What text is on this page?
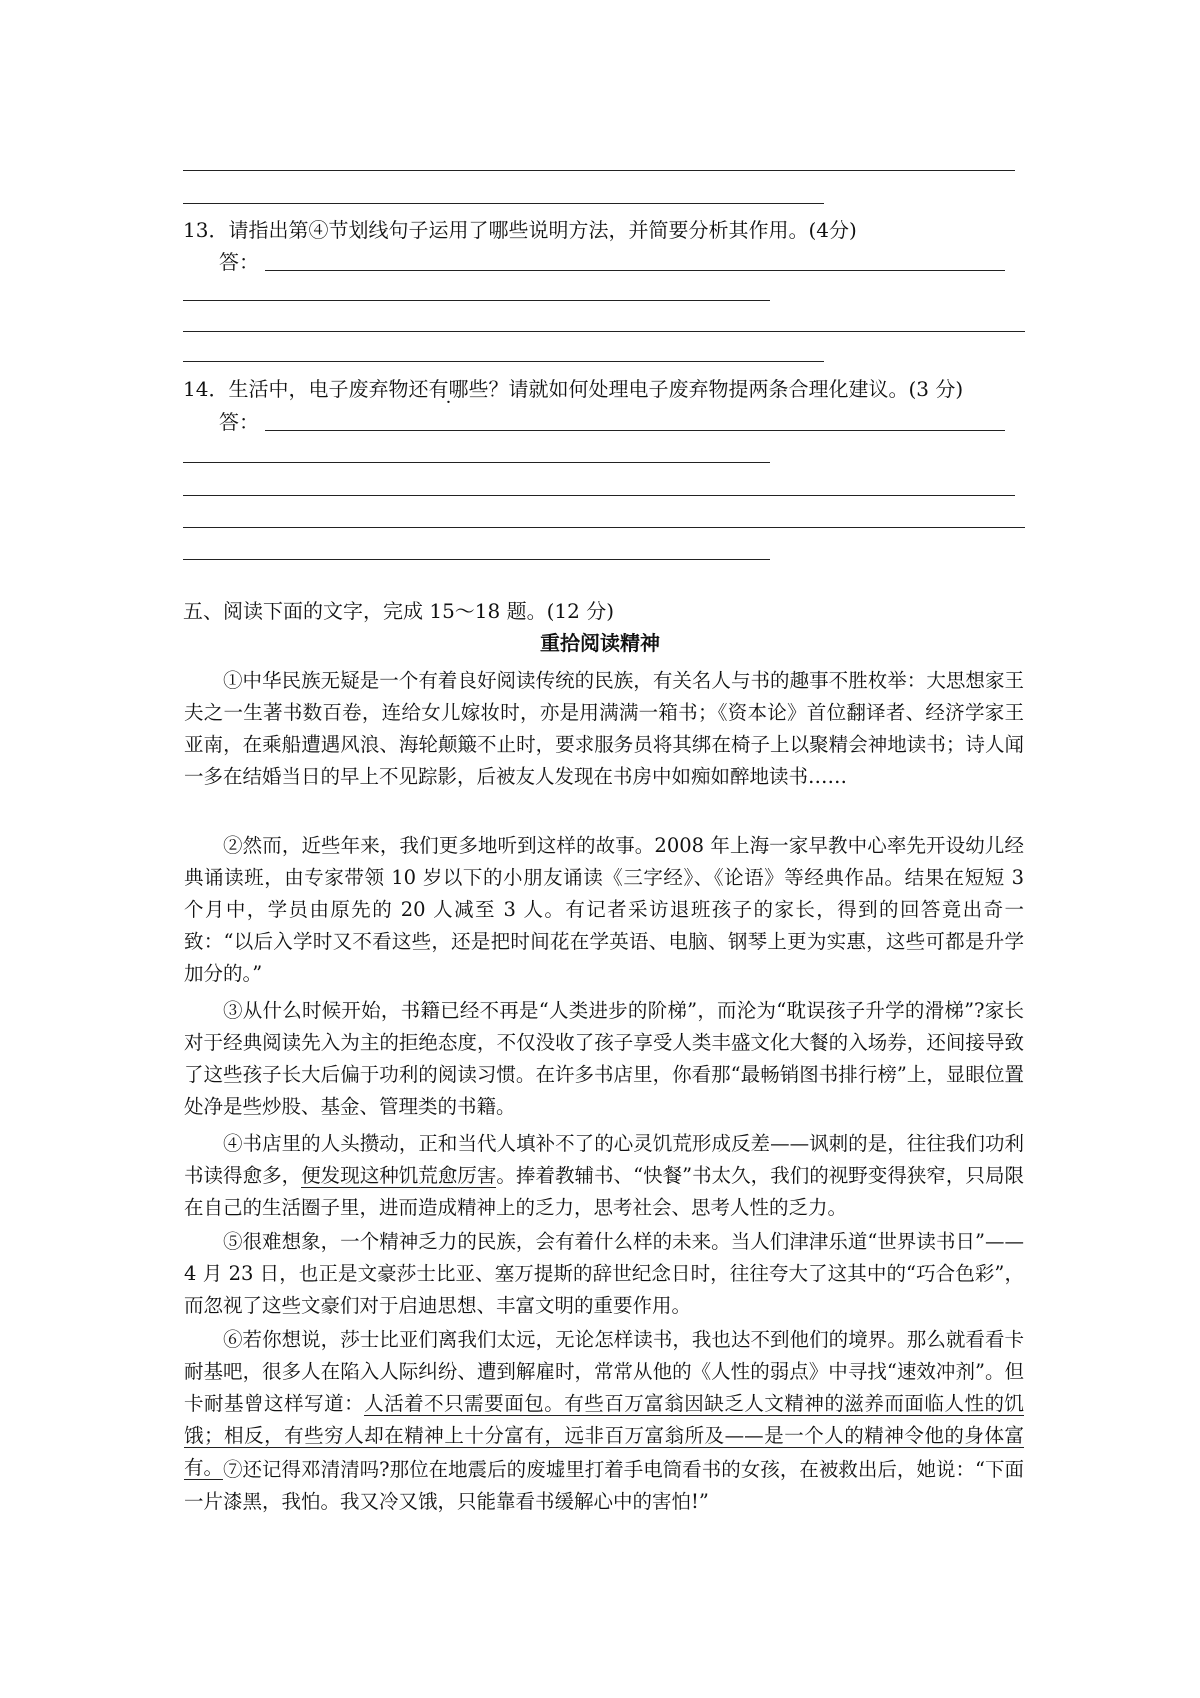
13．请指出第④节划线句子运用了哪些说明方法，并简要分析其作用。(4分)
答：
14．生活中，电子废弃物还有哪些？请就如何处理电子废弃物提两条合理化建议。(3 分)
答：
五、阅读下面的文字，完成 15～18 题。(12 分)
重拾阅读精神

①中华民族无疑是一个有着良好阅读传统的民族，有关名人与书的趣事不胜枚举：大思想家王夫之一生著书数百卷，连给女儿嫁妆时，亦是用满满一箱书；《资本论》首位翻译者、经济学家王亚南，在乘船遭遇风浪、海轮颠簸不止时，要求服务员将其绑在椅子上以聚精会神地读书；诗人闻一多在结婚当日的早上不见踪影，后被友人发现在书房中如痴如醉地读书……

②然而，近些年来，我们更多地听到这样的故事。2008 年上海一家早教中心率先开设幼儿经典诵读班，由专家带领 10 岁以下的小朋友诵读《三字经》、《论语》等经典作品。结果在短短 3 个月中，学员由原先的 20 人减至 3 人。有记者采访退班孩子的家长，得到的回答竟出奇一致：“以后入学时又不看这些，还是把时间花在学英语、电脑、钢琴上更为实惠，这些可都是升学加分的。”

③从什么时候开始，书籍已经不再是“人类进步的阶梯”，而沦为“耽误孩子升学的滑梯”?家长对于经典阅读先入为主的拒绝态度，不仅没收了孩子享受人类丰盛文化大餐的入场券，还间接导致了这些孩子长大后偏于功利的阅读习惯。在许多书店里，你看那“最畅销图书排行榜”上，显眼位置处净是些炒股、基金、管理类的书籍。

④书店里的人头攒动，正和当代人填补不了的心灵饥荒形成反差——讽刺的是，往往我们功利书读得愈多，便发现这种饥荒愈厉害。捧着教辅书、“快餐”书太久，我们的视野变得狭窄，只局限在自己的生活圈子里，进而造成精神上的乏力，思考社会、思考人性的乏力。

⑤很难想象，一个精神乏力的民族，会有着什么样的未来。当人们津津乐道“世界读书日”——4 月 23 日，也正是文豪莎士比亚、塞万提斯的辞世纪念日时，往往夸大了这其中的“巧合色彩”，而忽视了这些文豪们对于启迪思想、丰富文明的重要作用。

⑥若你想说，莎士比亚们离我们太远，无论怎样读书，我也达不到他们的境界。那么就看看卡耐基吧，很多人在陷入人际纠纷、遭到解雇时，常常从他的《人性的弱点》中寻找“速效冲剂”。但卡耐基曾这样写道：人活着不只需要面包。有些百万富翁因缺乏人文精神的滋养而面临人性的饥饿；相反，有些穷人却在精神上十分富有，远非百万富翁所及——是一个人的精神令他的身体富有。 ⑦还记得邓清清吗?那位在地震后的废墟里打着手电筒看书的女孩，在被救出后，她说：“下面一片漆黑，我怕。我又冷又饿，只能靠看书缓解心中的害怕!”
